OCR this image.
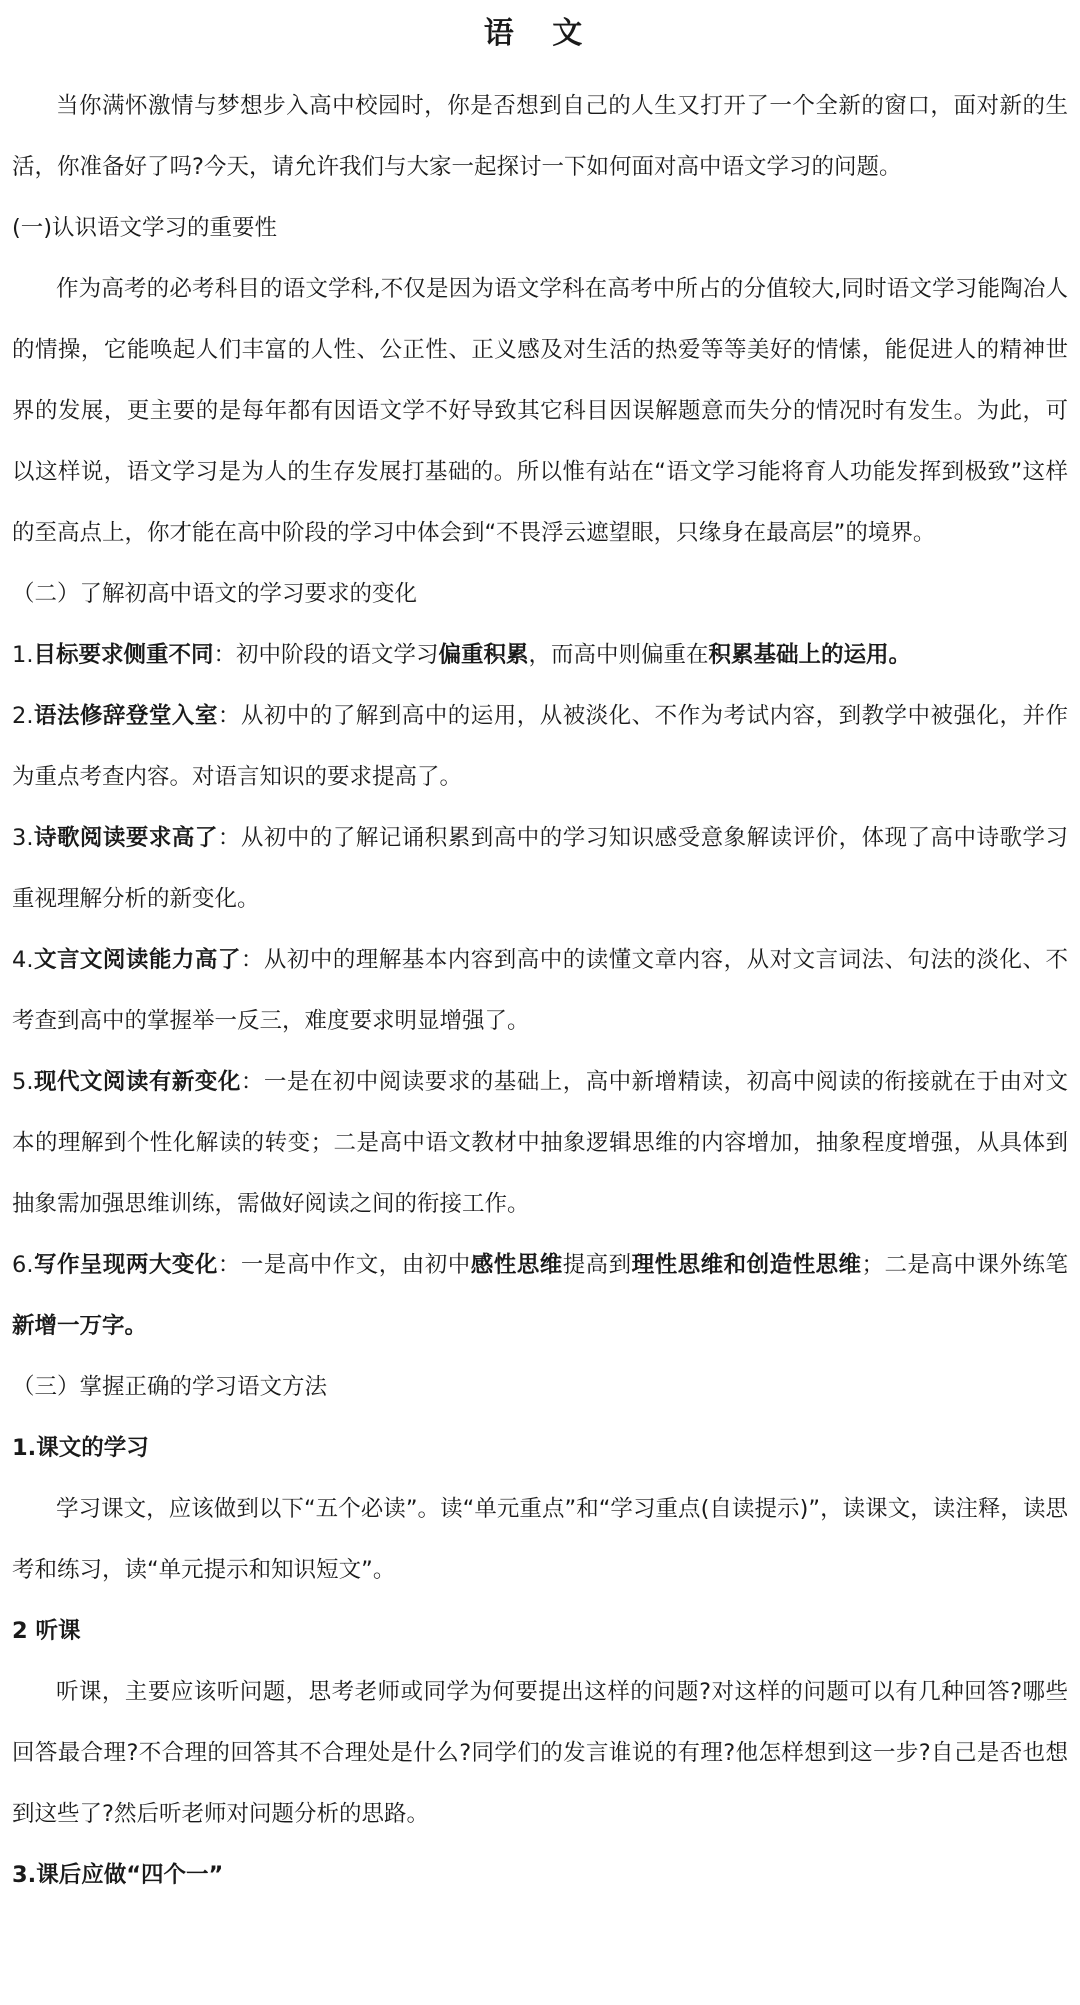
语 文

当你满怀激情与梦想步入高中校园时，你是否想到自己的人生又打开了一个全新的窗口，面对新的生活，你准备好了吗?今天，请允许我们与大家一起探讨一下如何面对高中语文学习的问题。

(一)认识语文学习的重要性

作为高考的必考科目的语文学科,不仅是因为语文学科在高考中所占的分值较大,同时语文学习能陶冶人的情操，它能唤起人们丰富的人性、公正性、正义感及对生活的热爱等等美好的情愫，能促进人的精神世界的发展，更主要的是每年都有因语文学不好导致其它科目因误解题意而失分的情况时有发生。为此，可以这样说，语文学习是为人的生存发展打基础的。所以惟有站在“语文学习能将育人功能发挥到极致”这样的至高点上，你才能在高中阶段的学习中体会到“不畏浮云遮望眼，只缘身在最高层”的境界。

（二）了解初高中语文的学习要求的变化

1.目标要求侧重不同：初中阶段的语文学习偏重积累，而高中则偏重在积累基础上的运用。

2.语法修辞登堂入室：从初中的了解到高中的运用，从被淡化、不作为考试内容，到教学中被强化，并作为重点考查内容。对语言知识的要求提高了。

3.诗歌阅读要求高了：从初中的了解记诵积累到高中的学习知识感受意象解读评价，体现了高中诗歌学习重视理解分析的新变化。

4.文言文阅读能力高了：从初中的理解基本内容到高中的读懂文章内容，从对文言词法、句法的淡化、不考查到高中的掌握举一反三，难度要求明显增强了。

5.现代文阅读有新变化：一是在初中阅读要求的基础上，高中新增精读，初高中阅读的衔接就在于由对文本的理解到个性化解读的转变；二是高中语文教材中抽象逻辑思维的内容增加，抽象程度增强，从具体到抽象需加强思维训练，需做好阅读之间的衔接工作。

6.写作呈现两大变化：一是高中作文，由初中感性思维提高到理性思维和创造性思维；二是高中课外练笔新增一万字。

（三）掌握正确的学习语文方法

1.课文的学习

学习课文，应该做到以下“五个必读”。读“单元重点”和“学习重点(自读提示)”，读课文，读注释，读思考和练习，读“单元提示和知识短文”。

2 听课

听课，主要应该听问题，思考老师或同学为何要提出这样的问题?对这样的问题可以有几种回答?哪些回答最合理?不合理的回答其不合理处是什么?同学们的发言谁说的有理?他怎样想到这一步?自己是否也想到这些了?然后听老师对问题分析的思路。

3.课后应做“四个一”
